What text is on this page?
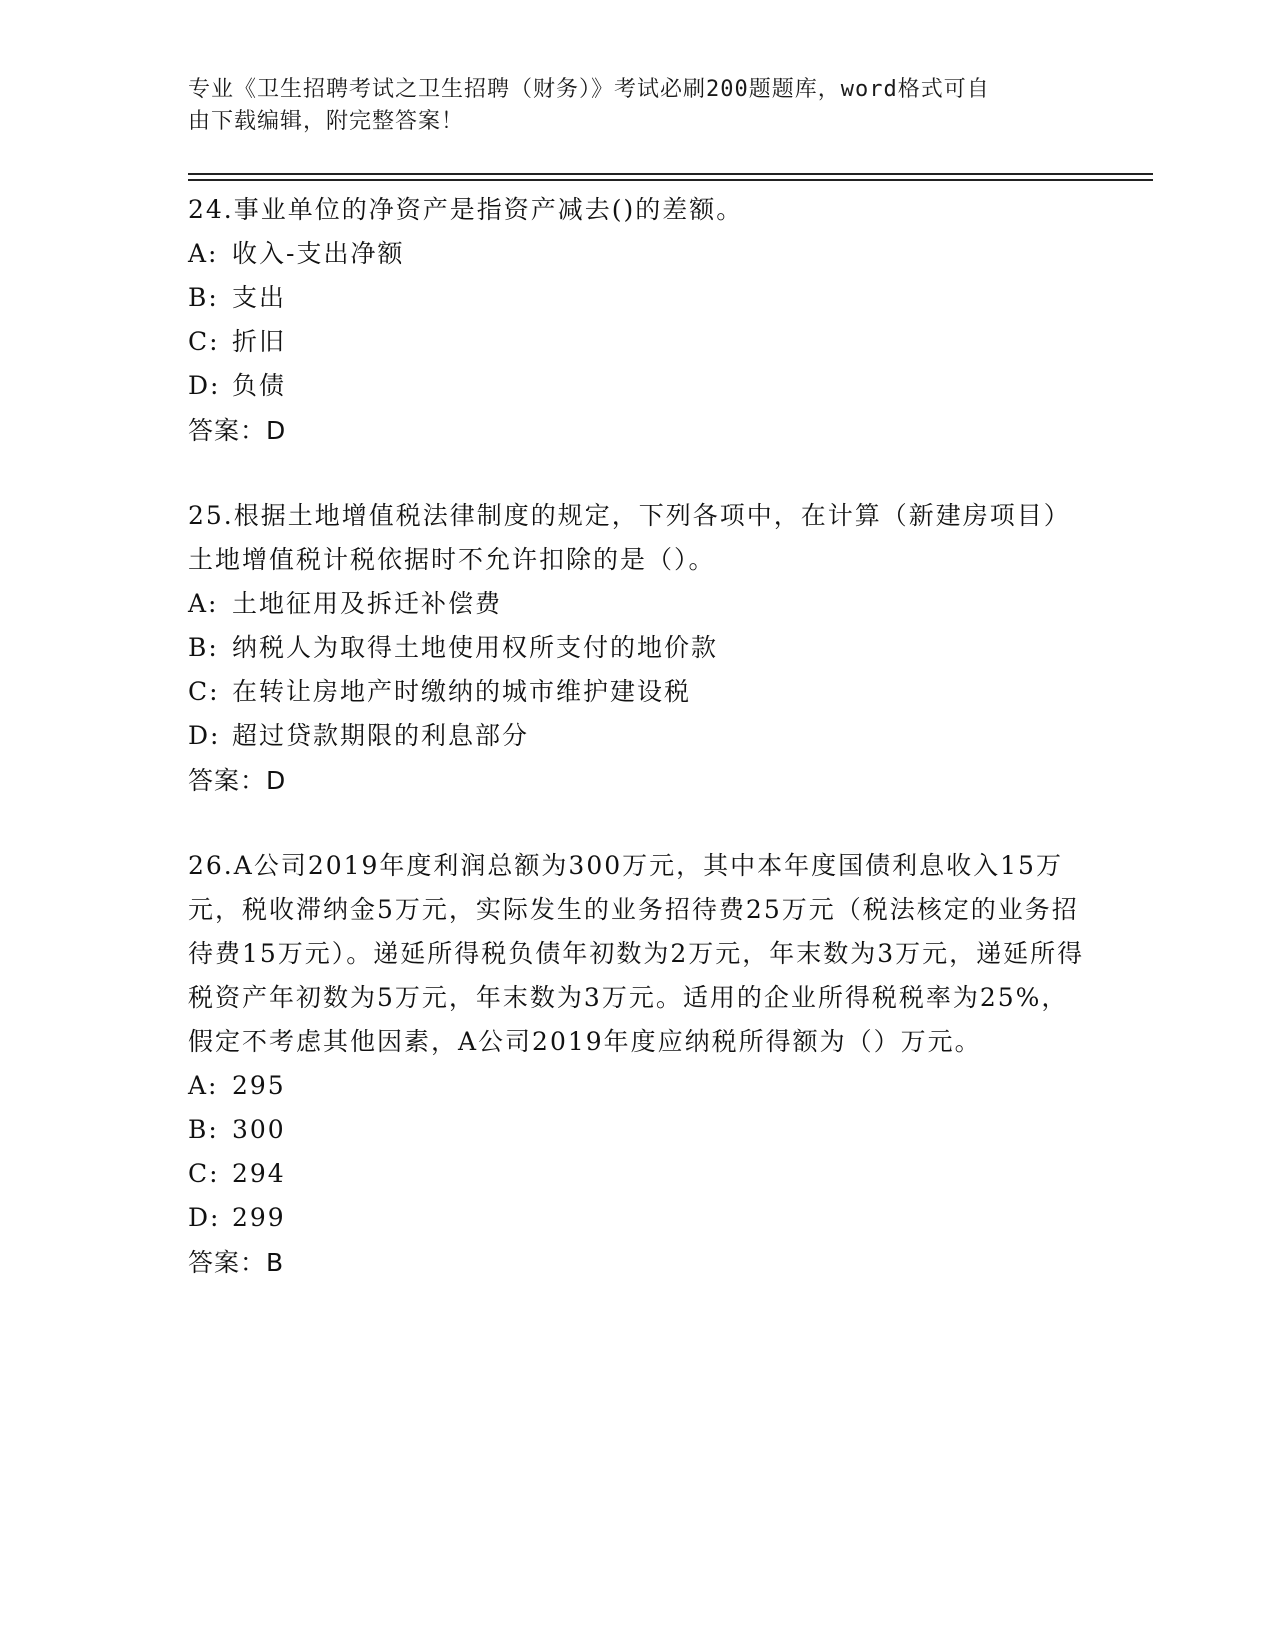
专业《卫生招聘考试之卫生招聘（财务）》考试必刷200题题库，word格式可自
由下载编辑，附完整答案！

24.事业单位的净资产是指资产减去()的差额。

A: 收入-支出净额
B: 支出
C: 折旧
D: 负债

答案：D

25.根据土地增值税法律制度的规定，下列各项中，在计算（新建房项目）土地增值税计税依据时不允许扣除的是（）。

A: 土地征用及拆迁补偿费
B: 纳税人为取得土地使用权所支付的地价款
C: 在转让房地产时缴纳的城市维护建设税
D: 超过贷款期限的利息部分

答案：D

26.A公司2019年度利润总额为300万元，其中本年度国债利息收入15万元，税收滞纳金5万元，实际发生的业务招待费25万元（税法核定的业务招待费15万元）。递延所得税负债年初数为2万元，年末数为3万元，递延所得税资产年初数为5万元，年末数为3万元。适用的企业所得税税率为25%，假定不考虑其他因素，A公司2019年度应纳税所得额为（）万元。

A: 295
B: 300
C: 294
D: 299

答案：B
